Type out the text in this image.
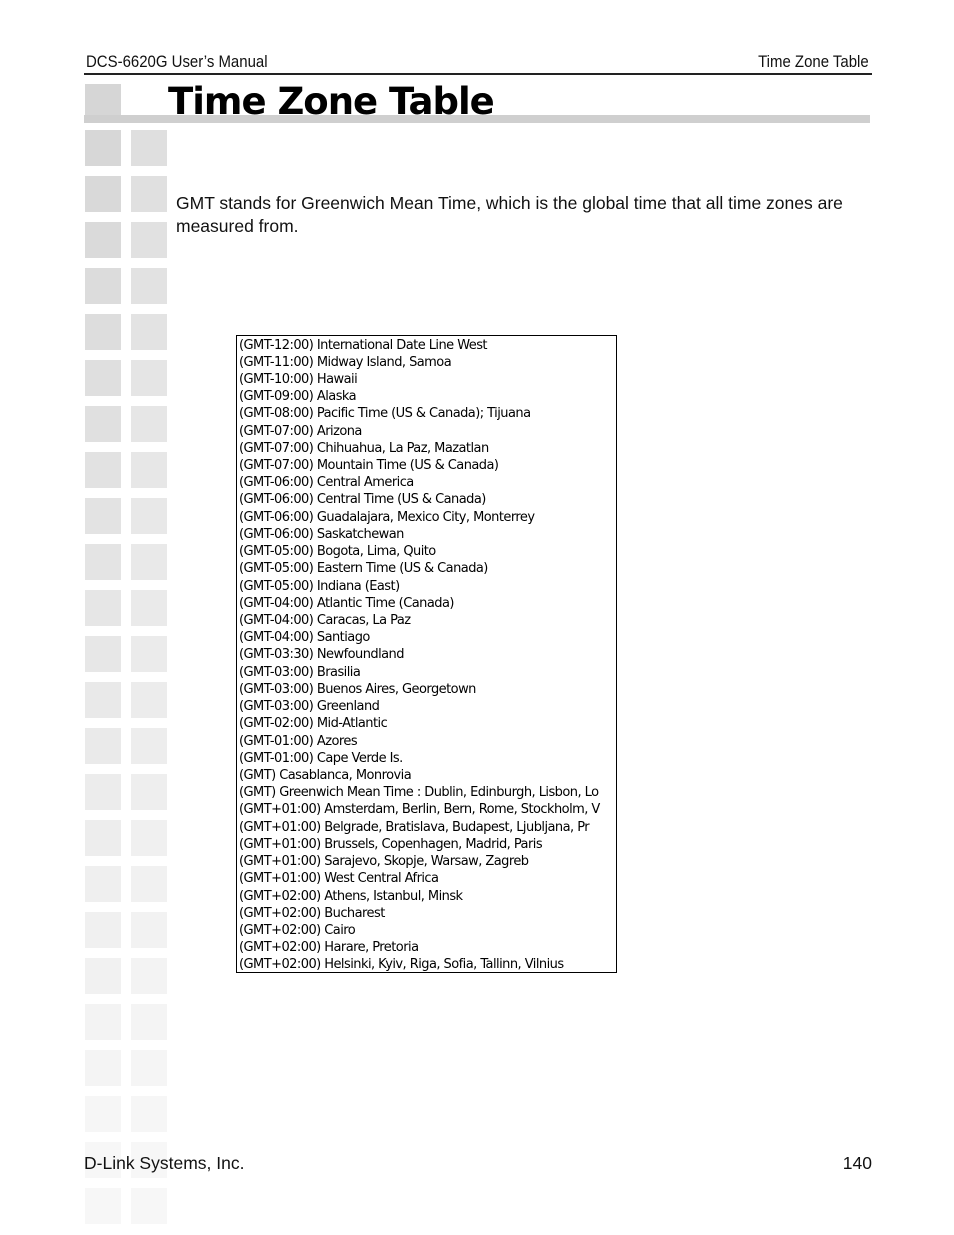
DCS-6620G User’s Manual	Time Zone Table
Time Zone Table
GMT stands for Greenwich Mean Time, which is the global time that all time zones are measured from.
(GMT-12:00) International Date Line West
(GMT-11:00) Midway Island, Samoa
(GMT-10:00) Hawaii
(GMT-09:00) Alaska
(GMT-08:00) Pacific Time (US & Canada); Tijuana
(GMT-07:00) Arizona
(GMT-07:00) Chihuahua, La Paz, Mazatlan
(GMT-07:00) Mountain Time (US & Canada)
(GMT-06:00) Central America
(GMT-06:00) Central Time (US & Canada)
(GMT-06:00) Guadalajara, Mexico City, Monterrey
(GMT-06:00) Saskatchewan
(GMT-05:00) Bogota, Lima, Quito
(GMT-05:00) Eastern Time (US & Canada)
(GMT-05:00) Indiana (East)
(GMT-04:00) Atlantic Time (Canada)
(GMT-04:00) Caracas, La Paz
(GMT-04:00) Santiago
(GMT-03:30) Newfoundland
(GMT-03:00) Brasilia
(GMT-03:00) Buenos Aires, Georgetown
(GMT-03:00) Greenland
(GMT-02:00) Mid-Atlantic
(GMT-01:00) Azores
(GMT-01:00) Cape Verde Is.
(GMT) Casablanca, Monrovia
(GMT) Greenwich Mean Time : Dublin, Edinburgh, Lisbon, Lo
(GMT+01:00) Amsterdam, Berlin, Bern, Rome, Stockholm, V
(GMT+01:00) Belgrade, Bratislava, Budapest, Ljubljana, Pr
(GMT+01:00) Brussels, Copenhagen, Madrid, Paris
(GMT+01:00) Sarajevo, Skopje, Warsaw, Zagreb
(GMT+01:00) West Central Africa
(GMT+02:00) Athens, Istanbul, Minsk
(GMT+02:00) Bucharest
(GMT+02:00) Cairo
(GMT+02:00) Harare, Pretoria
(GMT+02:00) Helsinki, Kyiv, Riga, Sofia, Tallinn, Vilnius
D-Link Systems, Inc.	140
